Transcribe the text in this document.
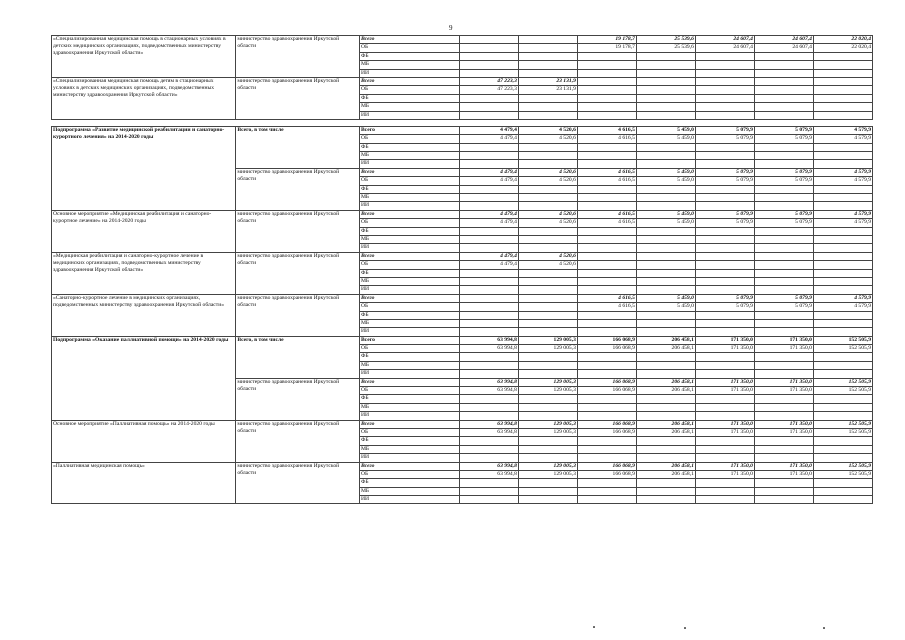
9
«Специализированная медицинская помощь в стационарных условиях в детских медицинских организациях, подведомственных министерству здравоохранения Иркутской области»	министерство здравоохранения Иркутской области	Всего			19 178,7	25 539,6	24 607,4	24 607,4	22 020,4
		ОБ			19 178,7	25 539,6	24 607,4	24 607,4	22 020,4
		ФБ							
		МБ							
		ИИ							
«Специализированная медицинская помощь детям в стационарных условиях в детских медицинских организациях, подведомственных министерству здравоохранения Иркутской области»	министерство здравоохранения Иркутской области	Всего	47 223,3	23 131,9					
		ОБ	47 223,3	23 131,9					
		ФБ							
		МБ							
		ИИ							

Подпрограмма «Развитие медицинской реабилитации и санаторно-курортного лечения» на 2014-2020 годы	Всего, в том числе	Всего	4 479,4	4 520,6	4 616,5	5 459,0	5 079,9	5 079,9	4 579,9
		ОБ	4 479,4	4 520,6	4 616,5	5 459,0	5 079,9	5 079,9	4 579,9
		ФБ							
		МБ							
		ИИ							
	министерство здравоохранения Иркутской области	Всего	4 479,4	4 520,6	4 616,5	5 459,0	5 079,9	5 079,9	4 579,9
		ОБ	4 479,4	4 520,6	4 616,5	5 459,0	5 079,9	5 079,9	4 579,9
		ФБ							
		МБ							
		ИИ							
Основное мероприятие «Медицинская реабилитация и санаторно-курортное лечение» на 2014-2020 годы	министерство здравоохранения Иркутской области	Всего	4 479,4	4 520,6	4 616,5	5 459,0	5 079,9	5 079,9	4 579,9
		ОБ	4 479,4	4 520,6	4 616,5	5 459,0	5 079,9	5 079,9	4 579,9
		ФБ							
		МБ							
		ИИ							
«Медицинская реабилитация и санаторно-курортное лечение в медицинских организациях, подведомственных министерству здравоохранения Иркутской области»	министерство здравоохранения Иркутской области	Всего	4 479,4	4 520,6					
		ОБ	4 479,4	4 520,6					
		ФБ							
		МБ							
		ИИ							
«Санаторно-курортное лечение в медицинских организациях, подведомственных министерству здравоохранения Иркутской области»	министерство здравоохранения Иркутской области	Всего			4 616,5	5 459,0	5 079,9	5 079,9	4 579,9
		ОБ			4 616,5	5 459,0	5 079,9	5 079,9	4 579,9
		ФБ							
		МБ							
		ИИ							
Подпрограмма «Оказание паллиативной помощи» на 2014-2020 годы	Всего, в том числе	Всего	63 994,8	129 005,3	166 068,9	206 458,1	171 350,0	171 350,0	152 505,9
		ОБ	63 994,8	129 005,3	166 068,9	206 458,1	171 350,0	171 350,0	152 505,9
		ФБ							
		МБ							
		ИИ							
	министерство здравоохранения Иркутской области	Всего	63 994,8	129 005,3	166 068,9	206 458,1	171 350,0	171 350,0	152 505,9
		ОБ	63 994,8	129 005,3	166 068,9	206 458,1	171 350,0	171 350,0	152 505,9
		ФБ							
		МБ							
		ИИ							
Основное мероприятие «Паллиативная помощь» на 2014-2020 годы	министерство здравоохранения Иркутской области	Всего	63 994,8	129 005,3	166 068,9	206 458,1	171 350,0	171 350,0	152 505,9
		ОБ	63 994,8	129 005,3	166 068,9	206 458,1	171 350,0	171 350,0	152 505,9
		ФБ							
		МБ							
		ИИ							
«Паллиативная медицинская помощь»	министерство здравоохранения Иркутской области	Всего	63 994,8	129 005,3	166 068,9	206 458,1	171 350,0	171 350,0	152 505,9
		ОБ	63 994,8	129 005,3	166 068,9	206 458,1	171 350,0	171 350,0	152 505,9
		ФБ							
		МБ							
		ИИ							
